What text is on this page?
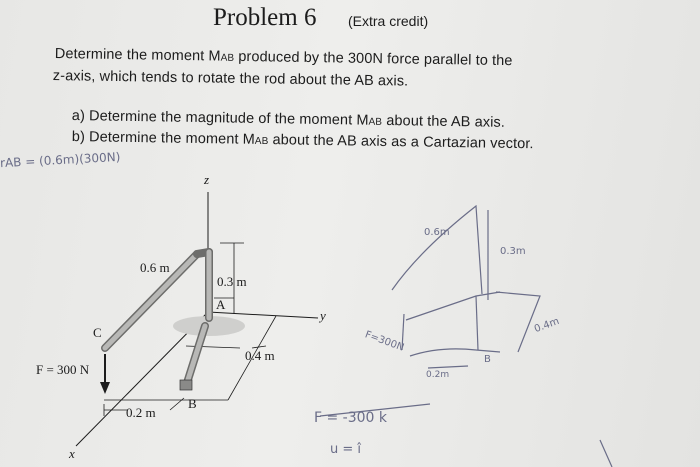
Problem 6 (Extra credit)
Determine the moment MAB produced by the 300N force parallel to the
z-axis, which tends to rotate the rod about the AB axis.
a) Determine the magnitude of the moment MAB about the AB axis.
b) Determine the moment MAB about the AB axis as a Cartazian vector.
z
y
x
0.6 m
0.3 m
0.4 m
0.2 m
A
B
C
F = 300 N
rAB = (0.6m)(300N)
0.6m
0.3m
0.4m
F=300N
0.2m
B
F = -300 k
u = î
